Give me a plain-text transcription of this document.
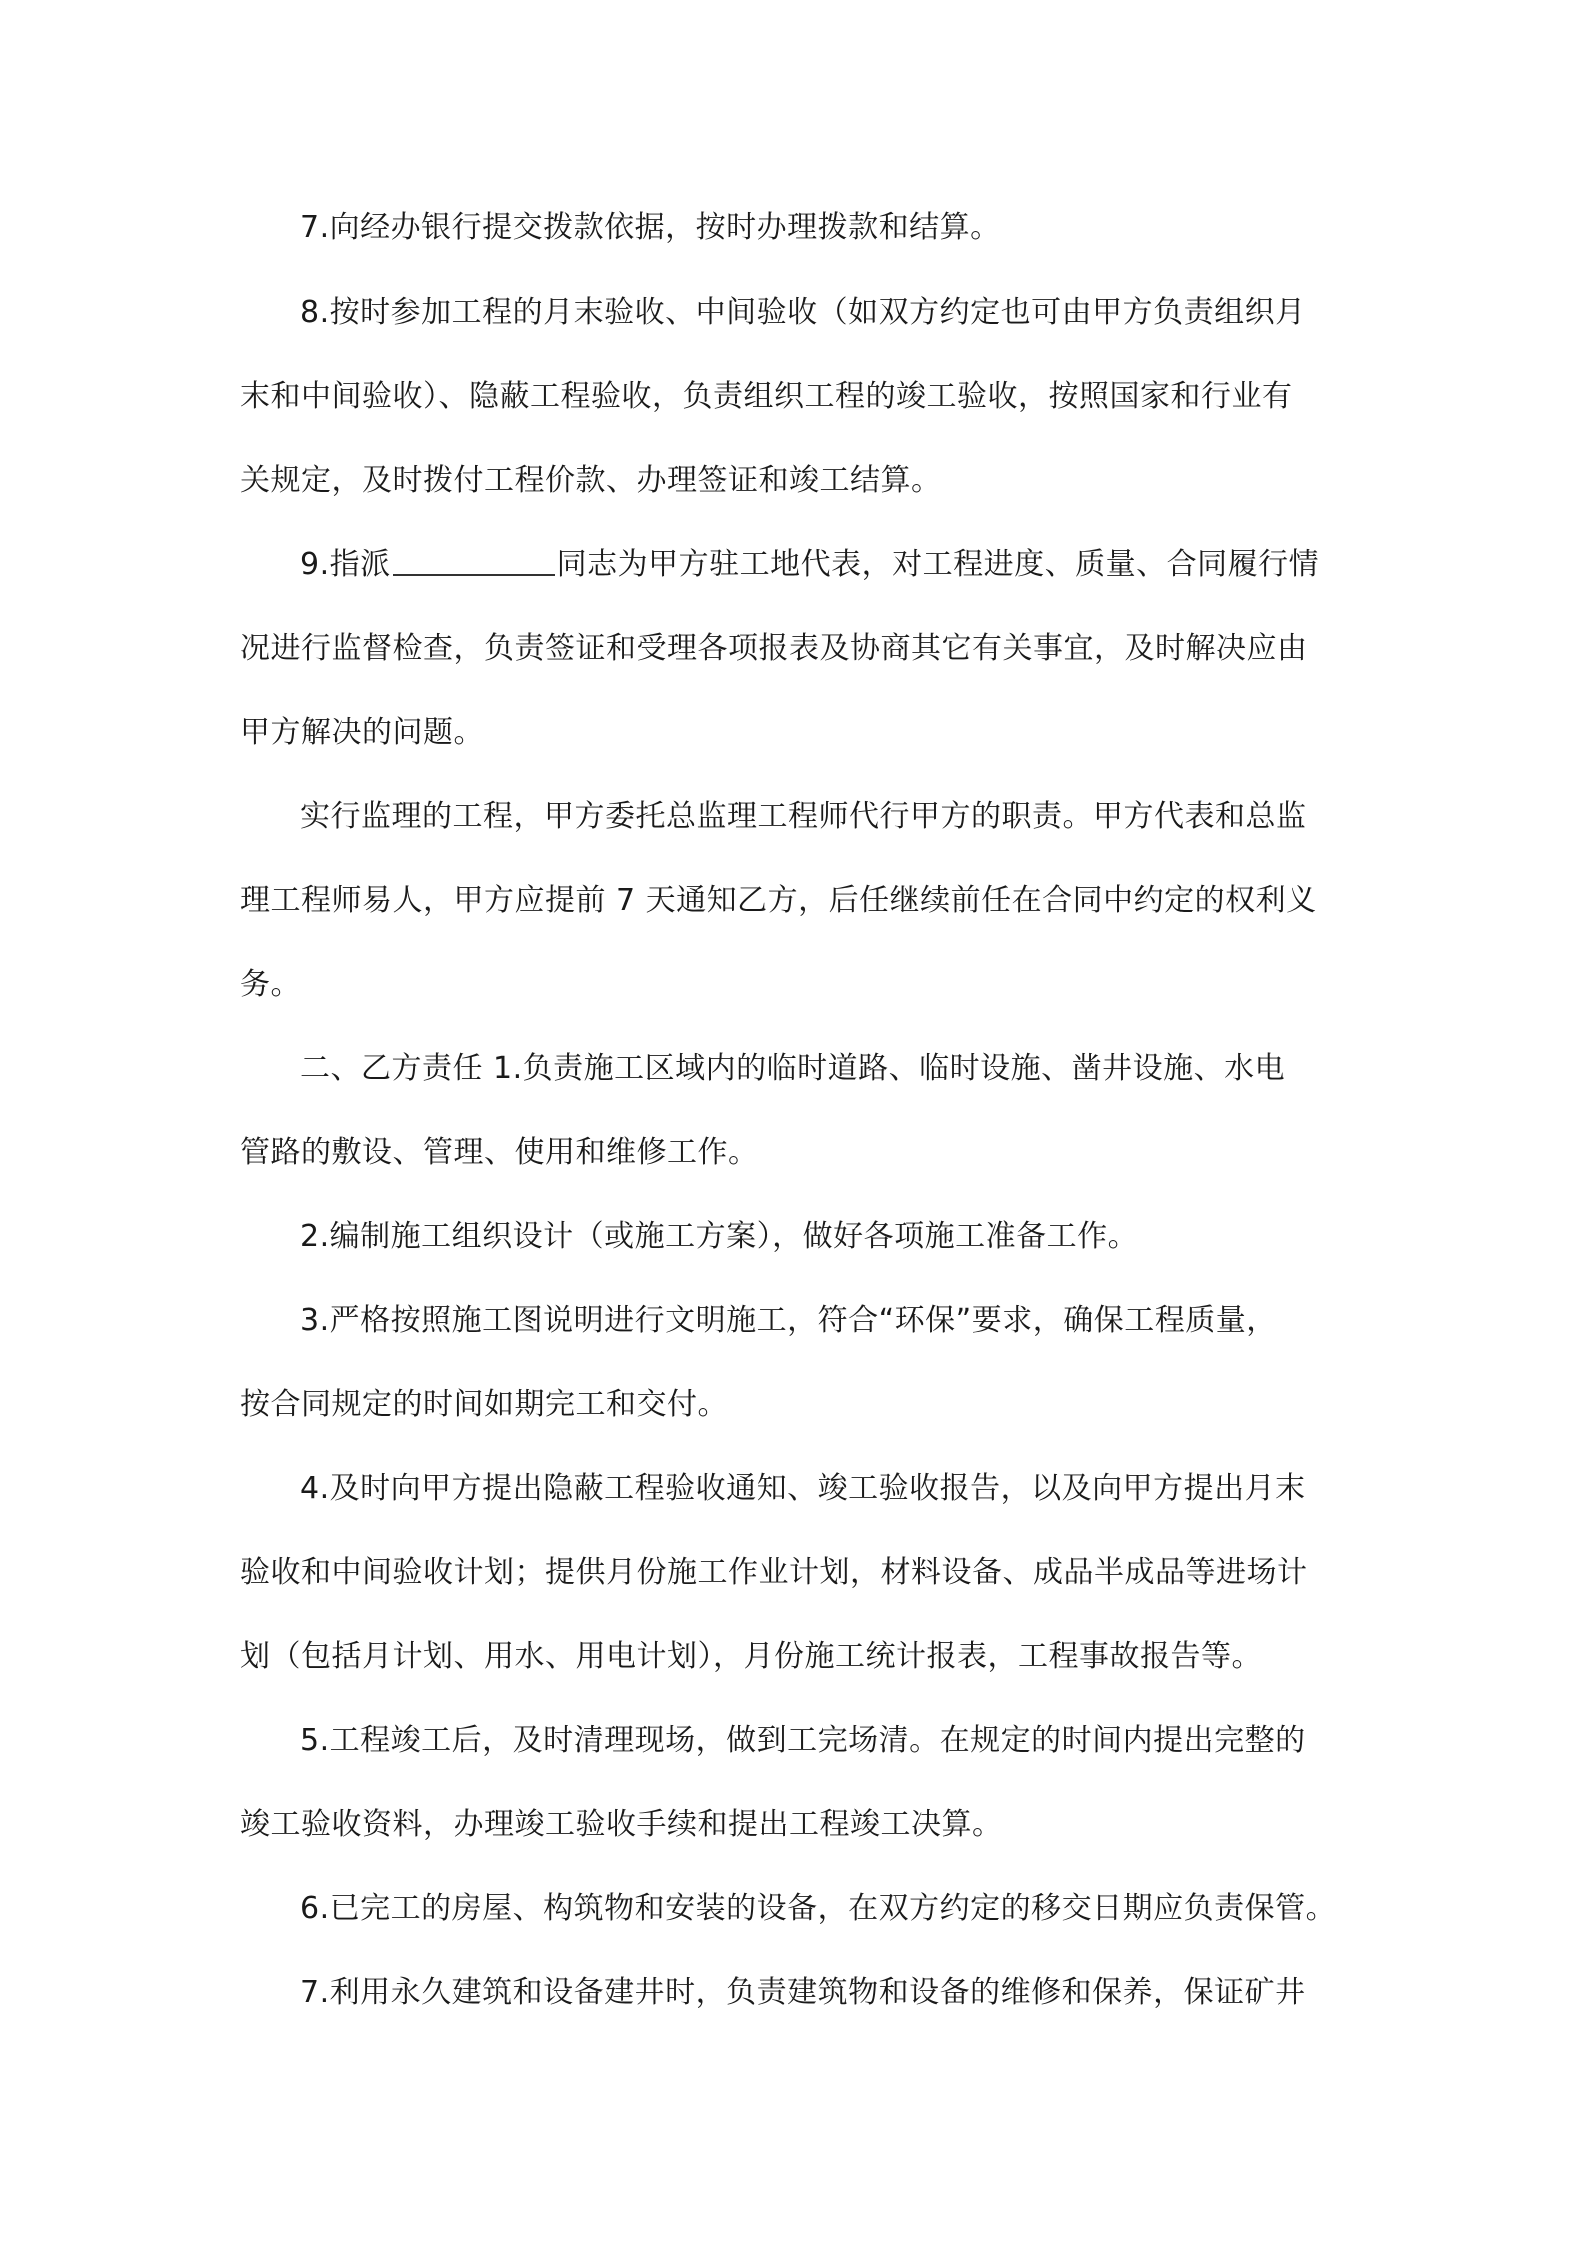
7.向经办银行提交拨款依据，按时办理拨款和结算。
8.按时参加工程的月末验收、中间验收（如双方约定也可由甲方负责组织月
末和中间验收）、隐蔽工程验收，负责组织工程的竣工验收，按照国家和行业有
关规定，及时拨付工程价款、办理签证和竣工结算。
9.指派	同志为甲方驻工地代表，对工程进度、质量、合同履行情
况进行监督检查，负责签证和受理各项报表及协商其它有关事宜，及时解决应由
甲方解决的问题。
实行监理的工程，甲方委托总监理工程师代行甲方的职责。甲方代表和总监
理工程师易人，甲方应提前 7 天通知乙方，后任继续前任在合同中约定的权利义
务。
二、乙方责任 1.负责施工区域内的临时道路、临时设施、凿井设施、水电
管路的敷设、管理、使用和维修工作。
2.编制施工组织设计（或施工方案），做好各项施工准备工作。
3.严格按照施工图说明进行文明施工，符合“环保”要求，确保工程质量，
按合同规定的时间如期完工和交付。
4.及时向甲方提出隐蔽工程验收通知、竣工验收报告，以及向甲方提出月末
验收和中间验收计划；提供月份施工作业计划，材料设备、成品半成品等进场计
划（包括月计划、用水、用电计划），月份施工统计报表，工程事故报告等。
5.工程竣工后，及时清理现场，做到工完场清。在规定的时间内提出完整的
竣工验收资料，办理竣工验收手续和提出工程竣工决算。
6.已完工的房屋、构筑物和安装的设备，在双方约定的移交日期应负责保管。
7.利用永久建筑和设备建井时，负责建筑物和设备的维修和保养，保证矿井
